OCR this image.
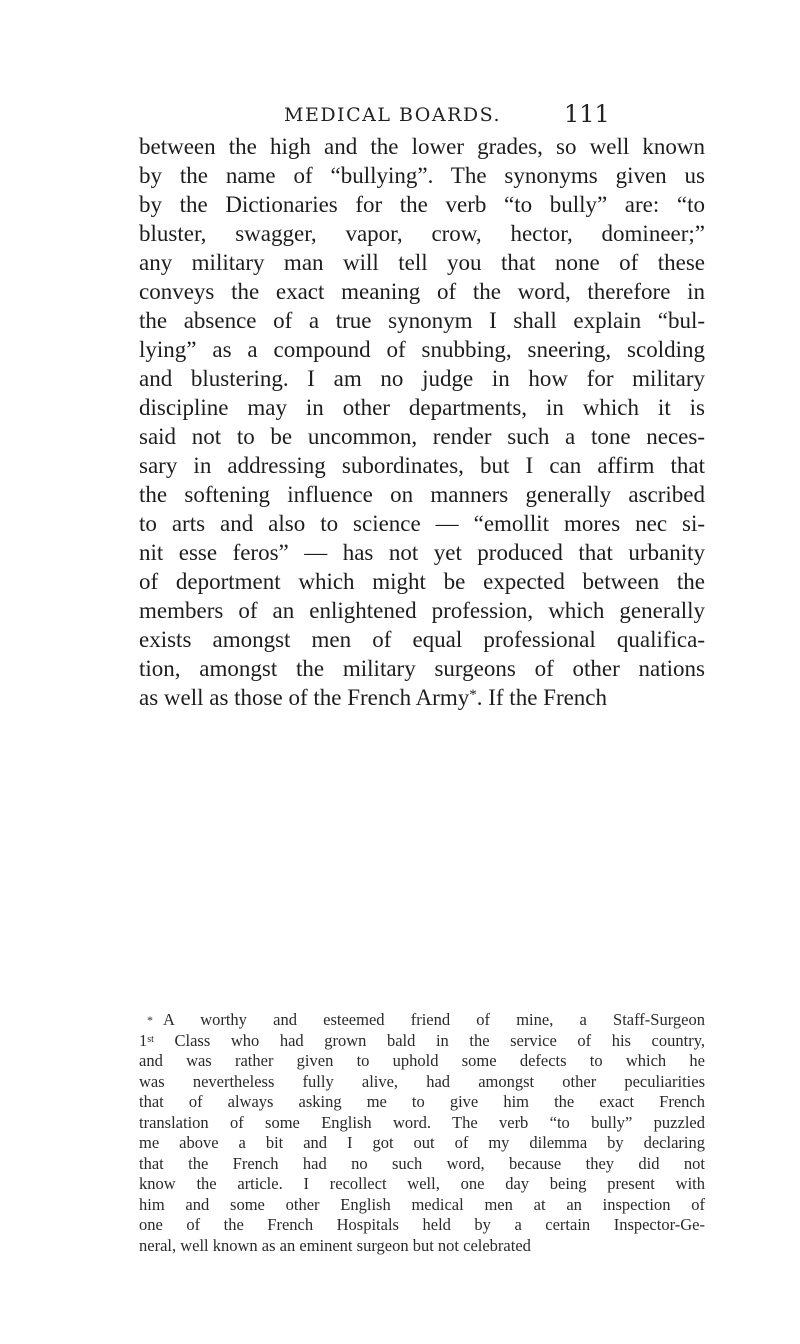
MEDICAL BOARDS.	111
between the high and the lower grades, so well known
by the name of “bullying”. The synonyms given us
by the Dictionaries for the verb “to bully” are: “to
bluster, swagger, vapor, crow, hector, domineer;”
any military man will tell you that none of these
conveys the exact meaning of the word, therefore in
the absence of a true synonym I shall explain “bul-
lying” as a compound of snubbing, sneering, scolding
and blustering. I am no judge in how for military
discipline may in other departments, in which it is
said not to be uncommon, render such a tone neces-
sary in addressing subordinates, but I can affirm that
the softening influence on manners generally ascribed
to arts and also to science — “emollit mores nec si-
nit esse feros” — has not yet produced that urbanity
of deportment which might be expected between the
members of an enlightened profession, which generally
exists amongst men of equal professional qualifica-
tion, amongst the military surgeons of other nations
as well as those of the French Army*. If the French
* A worthy and esteemed friend of mine, a Staff-Surgeon
1st Class who had grown bald in the service of his country,
and was rather given to uphold some defects to which he
was nevertheless fully alive, had amongst other peculiarities
that of always asking me to give him the exact French
translation of some English word. The verb “to bully” puzzled
me above a bit and I got out of my dilemma by declaring
that the French had no such word, because they did not
know the article. I recollect well, one day being present with
him and some other English medical men at an inspection of
one of the French Hospitals held by a certain Inspector-Ge-
neral, well known as an eminent surgeon but not celebrated
